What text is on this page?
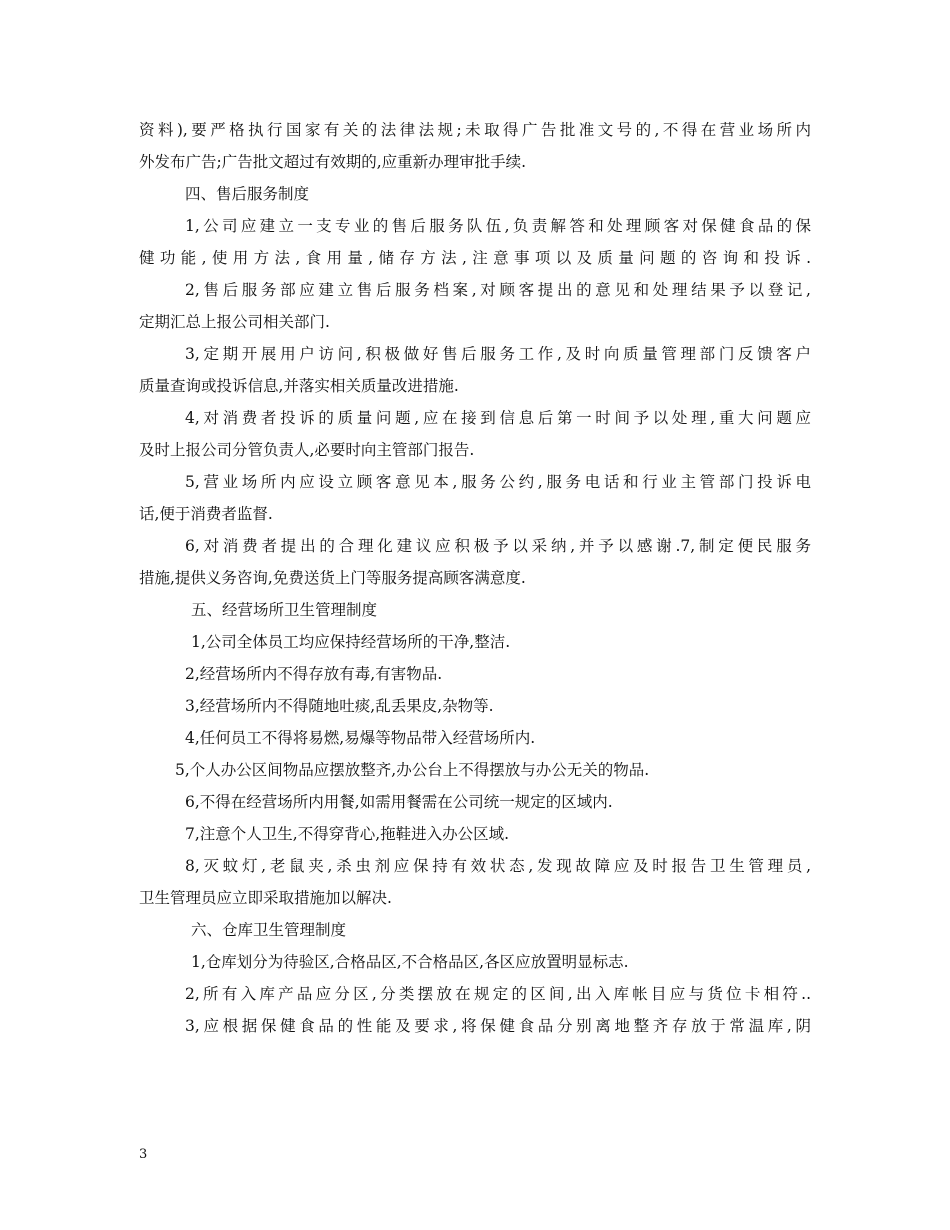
资料),要严格执行国家有关的法律法规;未取得广告批准文号的,不得在营业场所内
外发布广告;广告批文超过有效期的,应重新办理审批手续.
四、售后服务制度
1,公司应建立一支专业的售后服务队伍,负责解答和处理顾客对保健食品的保
健功能,使用方法,食用量,储存方法,注意事项以及质量问题的咨询和投诉.
2,售后服务部应建立售后服务档案,对顾客提出的意见和处理结果予以登记,
定期汇总上报公司相关部门.
3,定期开展用户访问,积极做好售后服务工作,及时向质量管理部门反馈客户
质量查询或投诉信息,并落实相关质量改进措施.
4,对消费者投诉的质量问题,应在接到信息后第一时间予以处理,重大问题应
及时上报公司分管负责人,必要时向主管部门报告.
5,营业场所内应设立顾客意见本,服务公约,服务电话和行业主管部门投诉电
话,便于消费者监督.
6,对消费者提出的合理化建议应积极予以采纳,并予以感谢.7,制定便民服务
措施,提供义务咨询,免费送货上门等服务提高顾客满意度.
五、经营场所卫生管理制度
1,公司全体员工均应保持经营场所的干净,整洁.
2,经营场所内不得存放有毒,有害物品.
3,经营场所内不得随地吐痰,乱丢果皮,杂物等.
4,任何员工不得将易燃,易爆等物品带入经营场所内.
5,个人办公区间物品应摆放整齐,办公台上不得摆放与办公无关的物品.
6,不得在经营场所内用餐,如需用餐需在公司统一规定的区域内.
7,注意个人卫生,不得穿背心,拖鞋进入办公区域.
8,灭蚊灯,老鼠夹,杀虫剂应保持有效状态,发现故障应及时报告卫生管理员,
卫生管理员应立即采取措施加以解决.
六、仓库卫生管理制度
1,仓库划分为待验区,合格品区,不合格品区,各区应放置明显标志.
2,所有入库产品应分区,分类摆放在规定的区间,出入库帐目应与货位卡相符..
3,应根据保健食品的性能及要求,将保健食品分别离地整齐存放于常温库,阴
3
